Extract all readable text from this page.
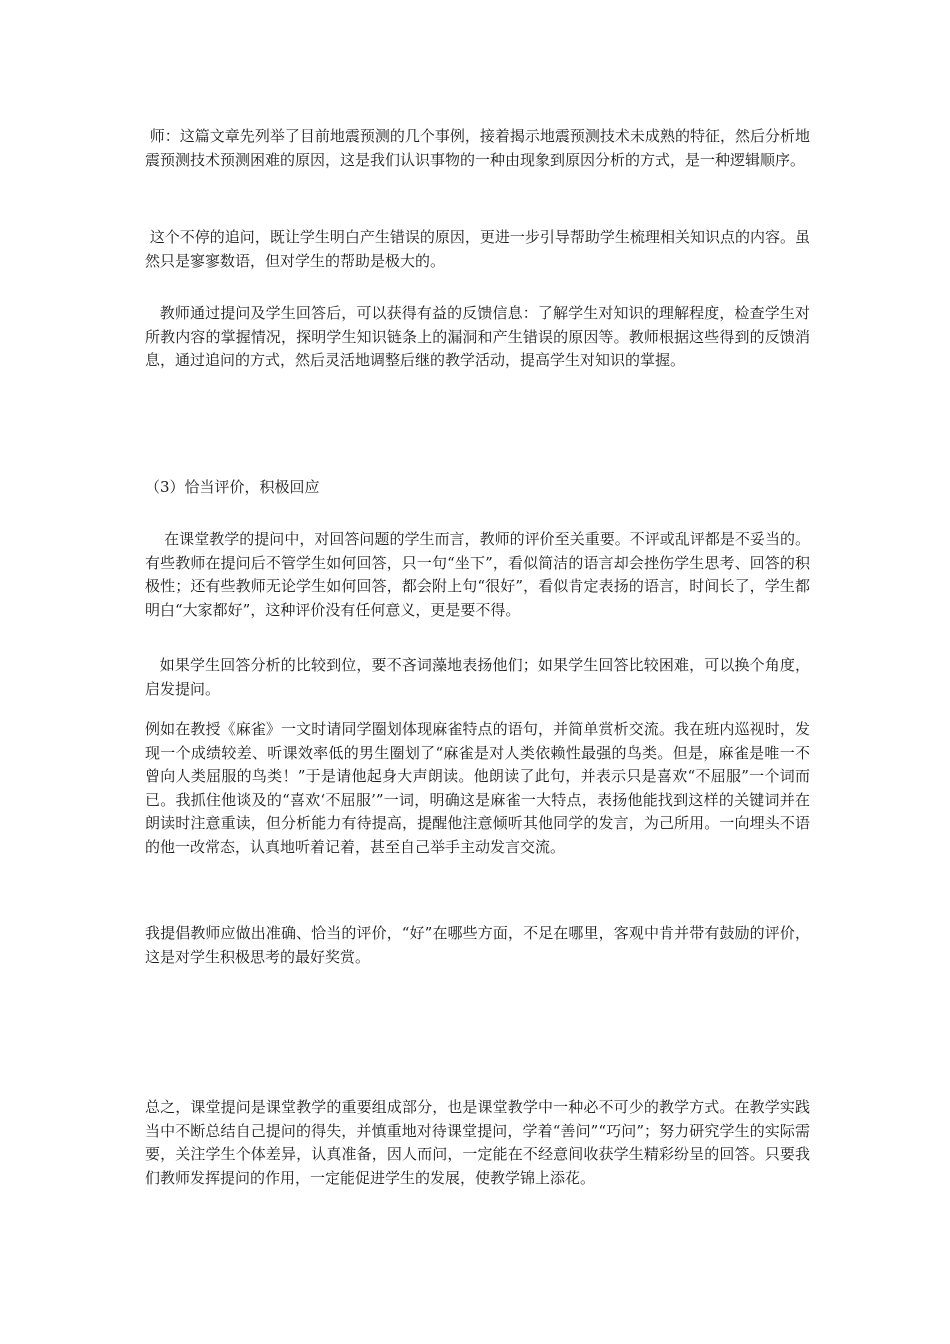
师：这篇文章先列举了目前地震预测的几个事例，接着揭示地震预测技术未成熟的特征，然后分析地震预测技术预测困难的原因，这是我们认识事物的一种由现象到原因分析的方式，是一种逻辑顺序。

这个不停的追问，既让学生明白产生错误的原因，更进一步引导帮助学生梳理相关知识点的内容。虽然只是寥寥数语，但对学生的帮助是极大的。

教师通过提问及学生回答后，可以获得有益的反馈信息：了解学生对知识的理解程度，检查学生对所教内容的掌握情况，探明学生知识链条上的漏洞和产生错误的原因等。教师根据这些得到的反馈消息，通过追问的方式，然后灵活地调整后继的教学活动，提高学生对知识的掌握。

（3）恰当评价，积极回应

在课堂教学的提问中，对回答问题的学生而言，教师的评价至关重要。不评或乱评都是不妥当的。有些教师在提问后不管学生如何回答，只一句“坐下”，看似简洁的语言却会挫伤学生思考、回答的积极性；还有些教师无论学生如何回答，都会附上句“很好”，看似肯定表扬的语言，时间长了，学生都明白“大家都好”，这种评价没有任何意义，更是要不得。

如果学生回答分析的比较到位，要不吝词藻地表扬他们；如果学生回答比较困难，可以换个角度，启发提问。

例如在教授《麻雀》一文时请同学圈划体现麻雀特点的语句，并简单赏析交流。我在班内巡视时，发现一个成绩较差、听课效率低的男生圈划了“麻雀是对人类依赖性最强的鸟类。但是，麻雀是唯一不曾向人类屈服的鸟类！”于是请他起身大声朗读。他朗读了此句，并表示只是喜欢“不屈服”一个词而已。我抓住他谈及的“喜欢‘不屈服’”一词，明确这是麻雀一大特点，表扬他能找到这样的关键词并在朗读时注意重读，但分析能力有待提高，提醒他注意倾听其他同学的发言，为己所用。一向埋头不语的他一改常态，认真地听着记着，甚至自己举手主动发言交流。

我提倡教师应做出准确、恰当的评价，“好”在哪些方面，不足在哪里，客观中肯并带有鼓励的评价，这是对学生积极思考的最好奖赏。

总之，课堂提问是课堂教学的重要组成部分，也是课堂教学中一种必不可少的教学方式。在教学实践当中不断总结自己提问的得失，并慎重地对待课堂提问，学着“善问”“巧问”；努力研究学生的实际需要，关注学生个体差异，认真准备，因人而问，一定能在不经意间收获学生精彩纷呈的回答。只要我们教师发挥提问的作用，一定能促进学生的发展，使教学锦上添花。
